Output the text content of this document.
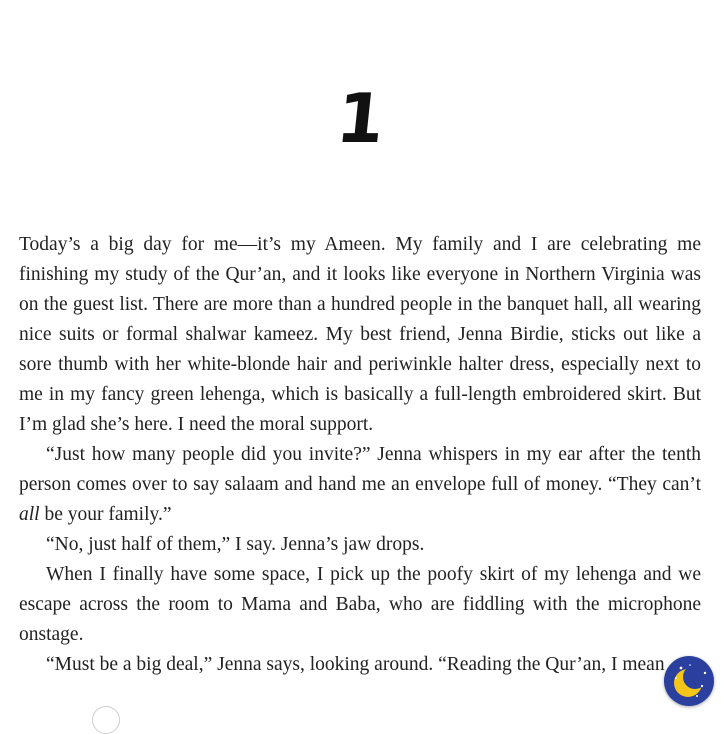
1

Today’s a big day for me—it’s my Ameen. My family and I are celebrating me finishing my study of the Qur’an, and it looks like everyone in Northern Virginia was on the guest list. There are more than a hundred people in the banquet hall, all wearing nice suits or formal shalwar kameez. My best friend, Jenna Birdie, sticks out like a sore thumb with her white-blonde hair and periwinkle halter dress, especially next to me in my fancy green lehenga, which is basically a full-length embroidered skirt. But I’m glad she’s here. I need the moral support.

“Just how many people did you invite?” Jenna whispers in my ear after the tenth person comes over to say salaam and hand me an envelope full of money. “They can’t all be your family.”

“No, just half of them,” I say. Jenna’s jaw drops.

When I finally have some space, I pick up the poofy skirt of my lehenga and we escape across the room to Mama and Baba, who are fiddling with the microphone onstage.

“Must be a big deal,” Jenna says, looking around. “Reading the Qur’an, I mean
